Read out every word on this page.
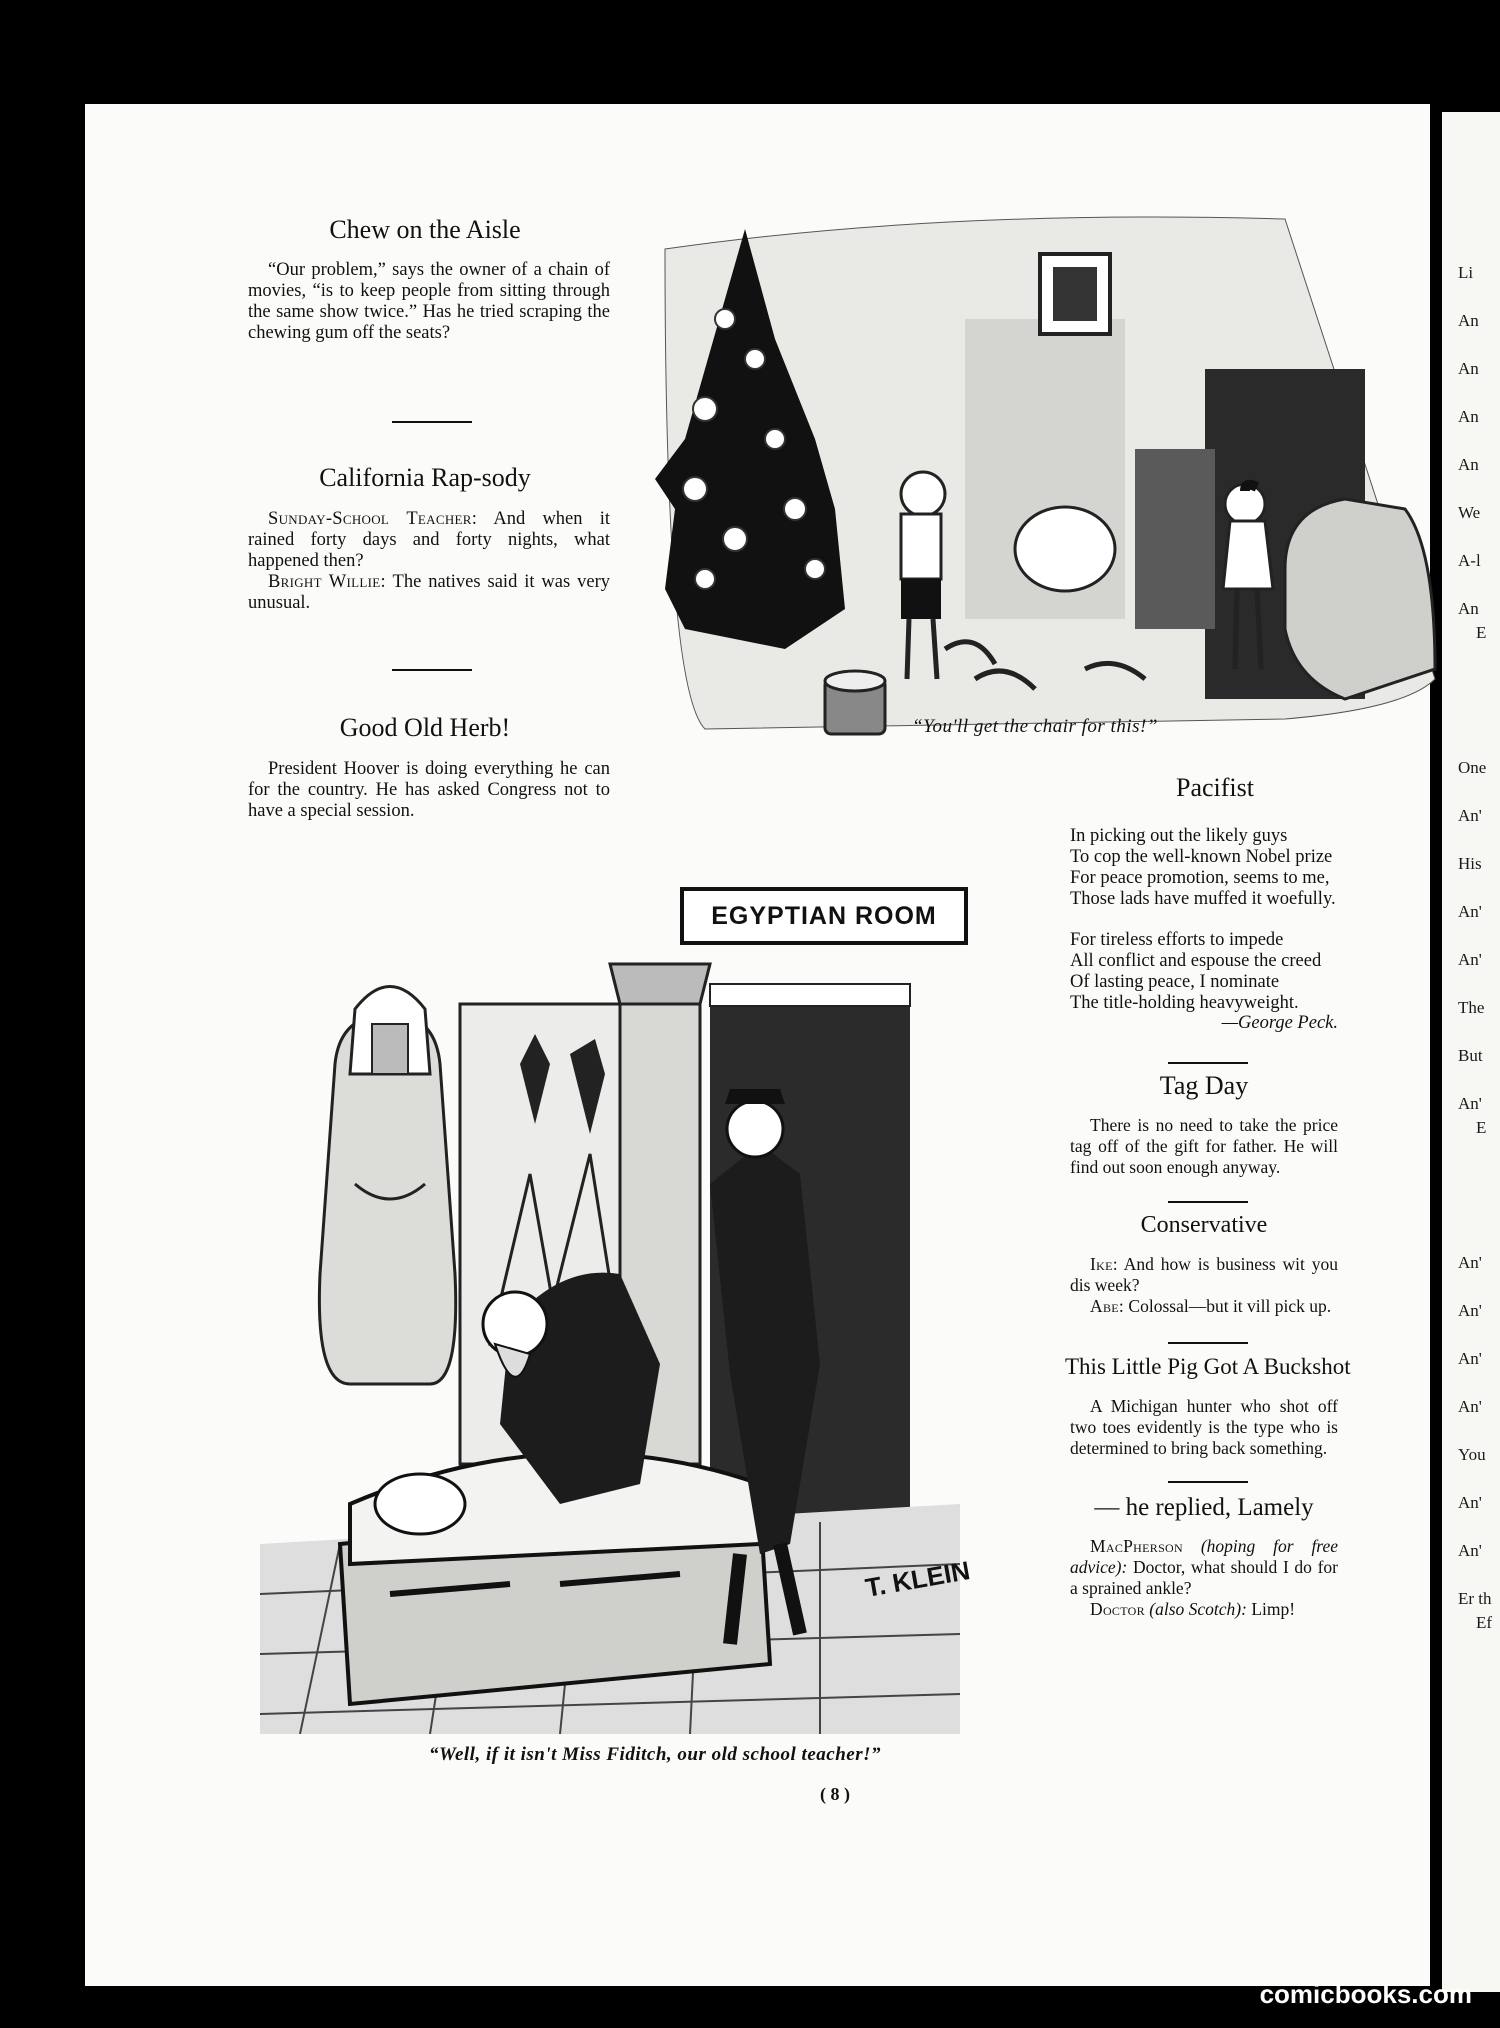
Chew on the Aisle

“Our problem,” says the owner of a chain of movies, “is to keep people from sitting through the same show twice.” Has he tried scraping the chewing gum off the seats?

California Rap-sody

Sunday-School Teacher: And when it rained forty days and forty nights, what happened then?

Bright Willie: The natives said it was very unusual.

Good Old Herb!

President Hoover is doing everything he can for the country. He has asked Congress not to have a special session.

“You'll get the chair for this!”
Pacifist
In picking out the likely guys
To cop the well-known Nobel prize
For peace promotion, seems to me,
Those lads have muffed it woefully.
For tireless efforts to impede
All conflict and espouse the creed
Of lasting peace, I nominate
The title-holding heavyweight.
—George Peck.
Tag Day

There is no need to take the price tag off of the gift for father. He will find out soon enough anyway.

Conservative

Ike: And how is business wit you dis week?

Abe: Colossal—but it vill pick up.

This Little Pig Got A Buckshot

A Michigan hunter who shot off two toes evidently is the type who is determined to bring back something.

— he replied, Lamely

MacPherson (hoping for free advice): Doctor, what should I do for a sprained ankle?

Doctor (also Scotch): Limp!

EGYPTIAN ROOM
T. KLEIN
“Well, if it isn't Miss Fiditch, our old school teacher!”
( 8 )
Li
An
An
An
An
We
A-l
An
E
One
An'
His
An'
An'
The
But
An'
E
An'
An'
An'
An'
You
An'
An'
Er th
Ef
comicbooks.com
